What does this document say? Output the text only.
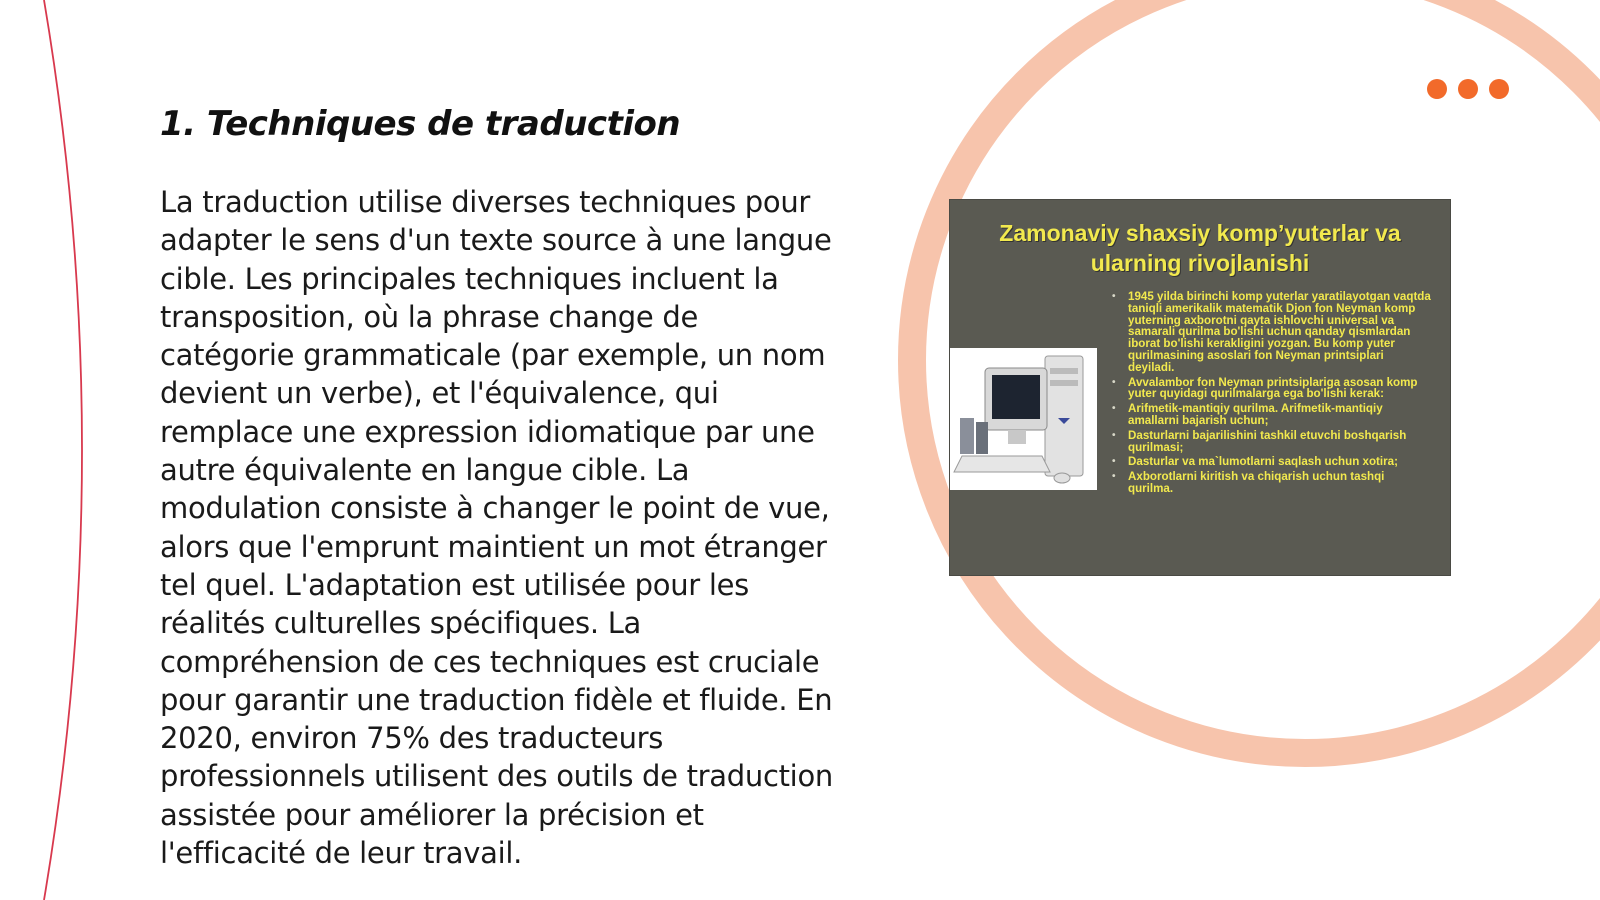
1. Techniques de traduction

La traduction utilise diverses techniques pour adapter le sens d'un texte source à une langue cible. Les principales techniques incluent la transposition, où la phrase change de catégorie grammaticale (par exemple, un nom devient un verbe), et l'équivalence, qui remplace une expression idiomatique par une autre équivalente en langue cible. La modulation consiste à changer le point de vue, alors que l'emprunt maintient un mot étranger tel quel. L'adaptation est utilisée pour les réalités culturelles spécifiques. La compréhension de ces techniques est cruciale pour garantir une traduction fidèle et fluide. En 2020, environ 75% des traducteurs professionnels utilisent des outils de traduction assistée pour améliorer la précision et l'efficacité de leur travail.

Zamonaviy shaxsiy komp’yuterlar va ularning rivojlanishi
• 1945 yilda birinchi komp yuterlar yaratilayotgan vaqtda taniqli amerikalik matematik Djon fon Neyman komp yuterning axborotni qayta ishlovchi universal va samarali qurilma bo'lishi uchun qanday qismlardan iborat bo'lishi kerakligini yozgan. Bu komp yuter qurilmasining asoslari fon Neyman printsiplari deyiladi.
• Avvalambor fon Neyman printsiplariga asosan komp yuter quyidagi qurilmalarga ega bo'lishi kerak:
• Arifmetik-mantiqiy qurilma. Arifmetik-mantiqiy amallarni bajarish uchun;
• Dasturlarni bajarilishini tashkil etuvchi boshqarish qurilmasi;
• Dasturlar va ma`lumotlarni saqlash uchun xotira;
• Axborotlarni kiritish va chiqarish uchun tashqi qurilma.
